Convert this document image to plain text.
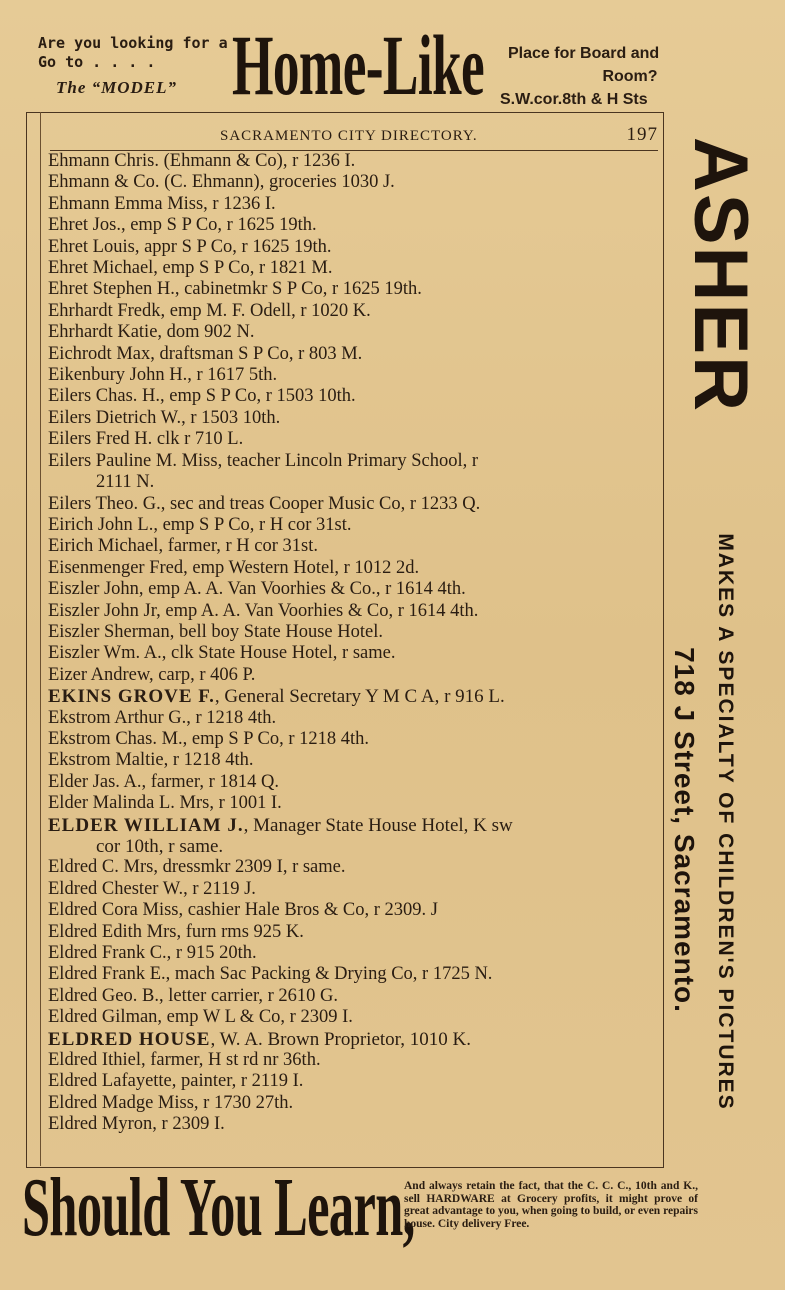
Are you looking for a
Go to . . . .
The “MODEL” Home-Like	Place for Board and
Room?
S.W.cor.8th & H Sts
SACRAMENTO CITY DIRECTORY.	197
Ehmann Chris. (Ehmann & Co), r 1236 I.
Ehmann & Co. (C. Ehmann), groceries 1030 J.
Ehmann Emma Miss, r 1236 I.
Ehret Jos., emp S P Co, r 1625 19th.
Ehret Louis, appr S P Co, r 1625 19th.
Ehret Michael, emp S P Co, r 1821 M.
Ehret Stephen H., cabinetmkr S P Co, r 1625 19th.
Ehrhardt Fredk, emp M. F. Odell, r 1020 K.
Ehrhardt Katie, dom 902 N.
Eichrodt Max, draftsman S P Co, r 803 M.
Eikenbury John H., r 1617 5th.
Eilers Chas. H., emp S P Co, r 1503 10th.
Eilers Dietrich W., r 1503 10th.
Eilers Fred H. clk r 710 L.
Eilers Pauline M. Miss, teacher Lincoln Primary School, r
2111 N.
Eilers Theo. G., sec and treas Cooper Music Co, r 1233 Q.
Eirich John L., emp S P Co, r H cor 31st.
Eirich Michael, farmer, r H cor 31st.
Eisenmenger Fred, emp Western Hotel, r 1012 2d.
Eiszler John, emp A. A. Van Voorhies & Co., r 1614 4th.
Eiszler John Jr, emp A. A. Van Voorhies & Co, r 1614 4th.
Eiszler Sherman, bell boy State House Hotel.
Eiszler Wm. A., clk State House Hotel, r same.
Eizer Andrew, carp, r 406 P.
EKINS GROVE F., General Secretary Y M C A, r 916 L.
Ekstrom Arthur G., r 1218 4th.
Ekstrom Chas. M., emp S P Co, r 1218 4th.
Ekstrom Maltie, r 1218 4th.
Elder Jas. A., farmer, r 1814 Q.
Elder Malinda L. Mrs, r 1001 I.
ELDER WILLIAM J., Manager State House Hotel, K sw
cor 10th, r same.
Eldred C. Mrs, dressmkr 2309 I, r same.
Eldred Chester W., r 2119 J.
Eldred Cora Miss, cashier Hale Bros & Co, r 2309. J
Eldred Edith Mrs, furn rms 925 K.
Eldred Frank C., r 915 20th.
Eldred Frank E., mach Sac Packing & Drying Co, r 1725 N.
Eldred Geo. B., letter carrier, r 2610 G.
Eldred Gilman, emp W L & Co, r 2309 I.
ELDRED HOUSE, W. A. Brown Proprietor, 1010 K.
Eldred Ithiel, farmer, H st rd nr 36th.
Eldred Lafayette, painter, r 2119 I.
Eldred Madge Miss, r 1730 27th.
Eldred Myron, r 2309 I.
ASHER
718 J Street, Sacramento. MAKES A SPECIALTY OF CHILDREN'S PICTURES
Should You Learn,
And always retain the fact, that the C. C. C., 10th and K., sell HARDWARE at Grocery profits, it might prove of great advantage to you, when going to build, or even repairs house. City delivery Free.
